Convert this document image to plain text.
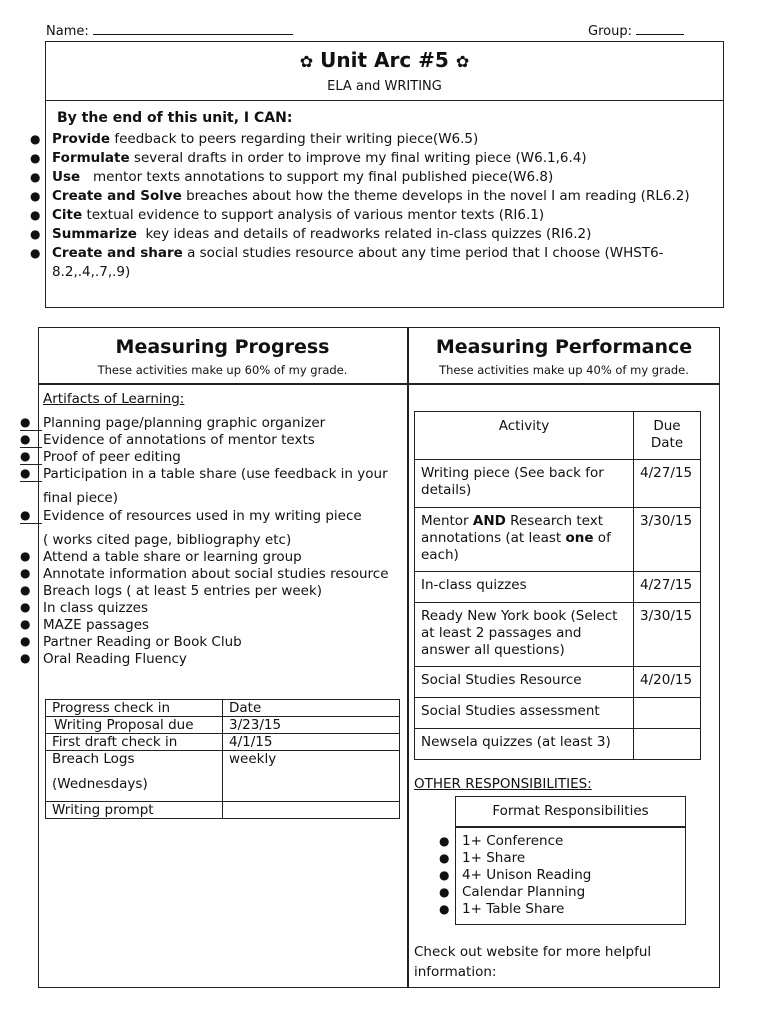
Name:	Group:
✿ Unit Arc #5 ✿
ELA and WRITING
By the end of this unit, I CAN:
● Provide feedback to peers regarding their writing piece(W6.5)
● Formulate several drafts in order to improve my final writing piece (W6.1,6.4)
● Use   mentor texts annotations to support my final published piece(W6.8)
● Create and Solve breaches about how the theme develops in the novel I am reading (RL6.2)
● Cite textual evidence to support analysis of various mentor texts (RI6.1)
● Summarize  key ideas and details of readworks related in-class quizzes (RI6.2)
● Create and share a social studies resource about any time period that I choose (WHST6-
8.2,.4,.7,.9)
Measuring Progress
These activities make up 60% of my grade.
Measuring Performance
These activities make up 40% of my grade.
Artifacts of Learning:
● Planning page/planning graphic organizer
● Evidence of annotations of mentor texts
● Proof of peer editing
● Participation in a table share (use feedback in your
final piece)
● Evidence of resources used in my writing piece
( works cited page, bibliography etc)
● Attend a table share or learning group
● Annotate information about social studies resource
● Breach logs ( at least 5 entries per week)
● In class quizzes
● MAZE passages
● Partner Reading or Book Club
● Oral Reading Fluency
Progress check in	Date
Writing Proposal due	3/23/15
First draft check in	4/1/15
Breach Logs
(Wednesdays)	weekly
Writing prompt	
Activity	Due Date
Writing piece (See back for details)	4/27/15
Mentor AND Research text annotations (at least one of each)	3/30/15
In-class quizzes	4/27/15
Ready New York book (Select at least 2 passages and answer all questions)	3/30/15
Social Studies Resource	4/20/15
Social Studies assessment	
Newsela quizzes (at least 3)	
OTHER RESPONSIBILITIES:
Format Responsibilities
● 1+ Conference
● 1+ Share
● 4+ Unison Reading
● Calendar Planning
● 1+ Table Share
Check out website for more helpful information:
